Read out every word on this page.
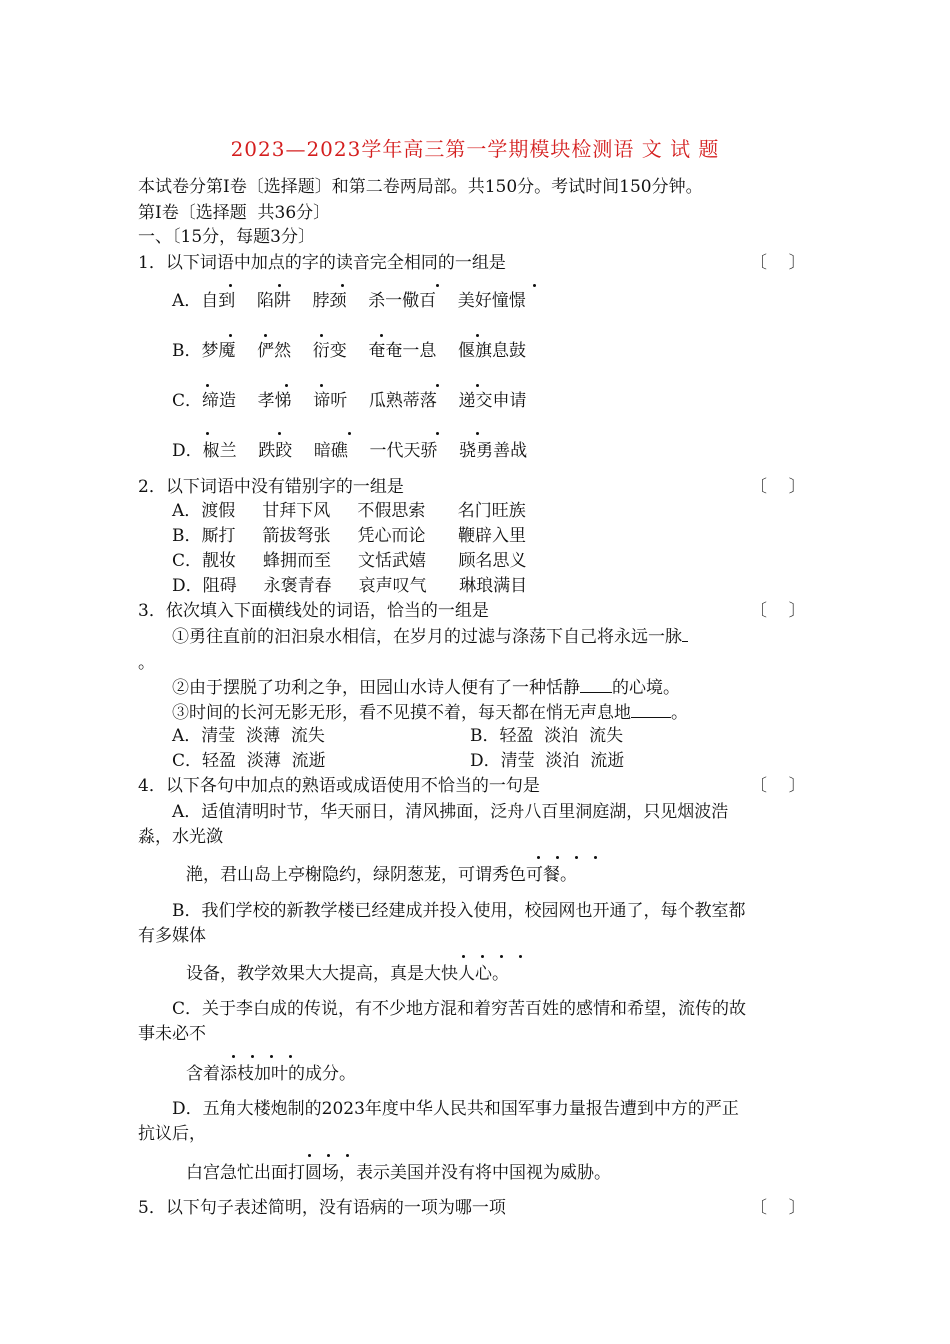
2023—2023学年高三第一学期模块检测语 文 试 题
本试卷分第I卷〔选择题〕和第二卷两局部。共150分。考试时间150分钟。
第I卷〔选择题  共36分〕
一、〔15分，每题3分〕
1．以下词语中加点的字的读音完全相同的一组是	〔    〕
A．自到    陷阱    脖颈    杀一儆百    美好憧憬
B．梦魇    俨然    衍变    奄奄一息    偃旗息鼓
C．缔造    孝悌    谛听    瓜熟蒂落    递交申请
D．椒兰    跌跤    暗礁    一代天骄    骁勇善战
2．以下词语中没有错别字的一组是	〔    〕
A．渡假     甘拜下风     不假思索      名门旺族
B．厮打     箭拔弩张     凭心而论      鞭辟入里
C．靓妆     蜂拥而至     文恬武嬉      顾名思义
D．阻碍     永褒青春     哀声叹气      琳琅满目
3．依次填入下面横线处的词语，恰当的一组是	〔    〕
①勇往直前的汩汩泉水相信，在岁月的过滤与涤荡下自己将永远一脉
。
②由于摆脱了功利之争，田园山水诗人便有了一种恬静 的心境。
③时间的长河无影无形，看不见摸不着，每天都在悄无声息地 。
A．清莹  淡薄  流失	B．轻盈  淡泊  流失
C．轻盈  淡薄  流逝	D．清莹  淡泊  流逝
4．以下各句中加点的熟语或成语使用不恰当的一句是	〔    〕
A．适值清明时节，华天丽日，清风拂面，泛舟八百里洞庭湖，只见烟波浩
淼，水光潋
滟，君山岛上亭榭隐约，绿阴葱茏，可谓秀色可餐。
B．我们学校的新教学楼已经建成并投入使用，校园网也开通了，每个教室都
有多媒体
设备，教学效果大大提高，真是大快人心。
C．关于李白成的传说，有不少地方混和着穷苦百姓的感情和希望，流传的故
事未必不
含着添枝加叶的成分。
D．五角大楼炮制的2023年度中华人民共和国军事力量报告遭到中方的严正
抗议后，
白宫急忙出面打圆场，表示美国并没有将中国视为威胁。
5．以下句子表述简明，没有语病的一项为哪一项	〔    〕
